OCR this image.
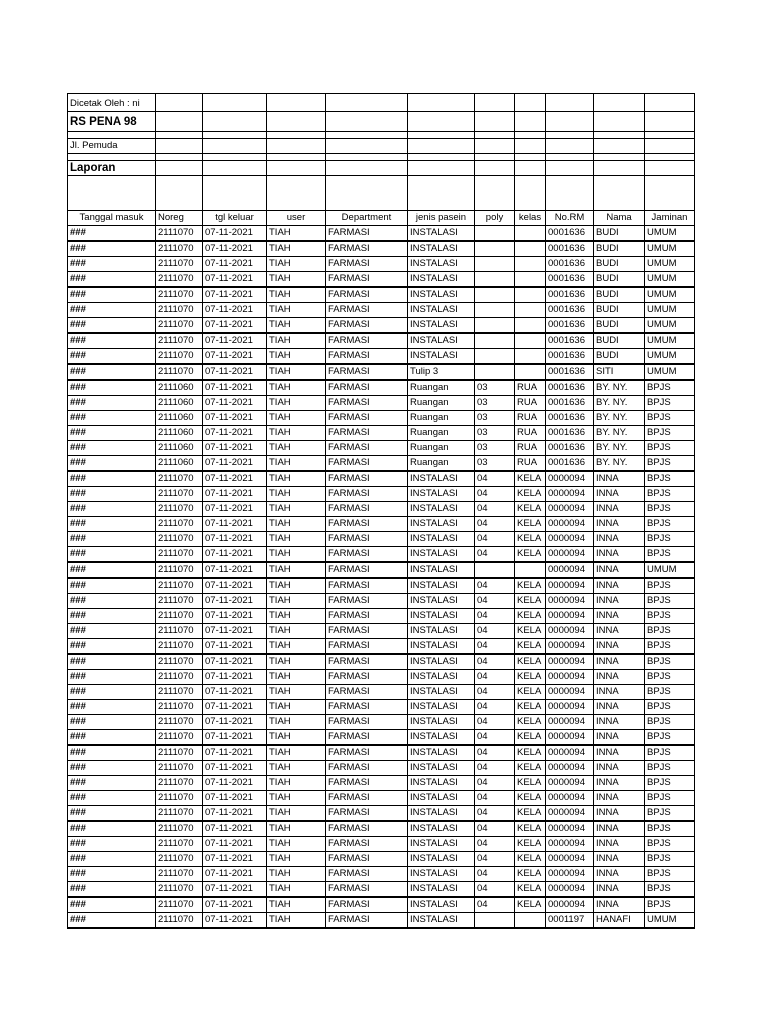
Dicetak Oleh : ni										
RS PENA 98										

Jl. Pemuda										

Laporan										

Tanggal masuk	Noreg	tgl keluar	user	Department	jenis pasein	poly	kelas	No.RM	Nama	Jaminan
###	2111070	07-11-2021	TIAH	FARMASI	INSTALASI			0001636	BUDI	UMUM
###	2111070	07-11-2021	TIAH	FARMASI	INSTALASI			0001636	BUDI	UMUM
###	2111070	07-11-2021	TIAH	FARMASI	INSTALASI			0001636	BUDI	UMUM
###	2111070	07-11-2021	TIAH	FARMASI	INSTALASI			0001636	BUDI	UMUM
###	2111070	07-11-2021	TIAH	FARMASI	INSTALASI			0001636	BUDI	UMUM
###	2111070	07-11-2021	TIAH	FARMASI	INSTALASI			0001636	BUDI	UMUM
###	2111070	07-11-2021	TIAH	FARMASI	INSTALASI			0001636	BUDI	UMUM
###	2111070	07-11-2021	TIAH	FARMASI	INSTALASI			0001636	BUDI	UMUM
###	2111070	07-11-2021	TIAH	FARMASI	INSTALASI			0001636	BUDI	UMUM
###	2111070	07-11-2021	TIAH	FARMASI	Tulip 3			0001636	SITI	UMUM
###	2111060	07-11-2021	TIAH	FARMASI	Ruangan	03	RUA	0001636	BY. NY.	BPJS
###	2111060	07-11-2021	TIAH	FARMASI	Ruangan	03	RUA	0001636	BY. NY.	BPJS
###	2111060	07-11-2021	TIAH	FARMASI	Ruangan	03	RUA	0001636	BY. NY.	BPJS
###	2111060	07-11-2021	TIAH	FARMASI	Ruangan	03	RUA	0001636	BY. NY.	BPJS
###	2111060	07-11-2021	TIAH	FARMASI	Ruangan	03	RUA	0001636	BY. NY.	BPJS
###	2111060	07-11-2021	TIAH	FARMASI	Ruangan	03	RUA	0001636	BY. NY.	BPJS
###	2111070	07-11-2021	TIAH	FARMASI	INSTALASI	04	KELA	0000094	INNA	BPJS
###	2111070	07-11-2021	TIAH	FARMASI	INSTALASI	04	KELA	0000094	INNA	BPJS
###	2111070	07-11-2021	TIAH	FARMASI	INSTALASI	04	KELA	0000094	INNA	BPJS
###	2111070	07-11-2021	TIAH	FARMASI	INSTALASI	04	KELA	0000094	INNA	BPJS
###	2111070	07-11-2021	TIAH	FARMASI	INSTALASI	04	KELA	0000094	INNA	BPJS
###	2111070	07-11-2021	TIAH	FARMASI	INSTALASI	04	KELA	0000094	INNA	BPJS
###	2111070	07-11-2021	TIAH	FARMASI	INSTALASI			0000094	INNA	UMUM
###	2111070	07-11-2021	TIAH	FARMASI	INSTALASI	04	KELA	0000094	INNA	BPJS
###	2111070	07-11-2021	TIAH	FARMASI	INSTALASI	04	KELA	0000094	INNA	BPJS
###	2111070	07-11-2021	TIAH	FARMASI	INSTALASI	04	KELA	0000094	INNA	BPJS
###	2111070	07-11-2021	TIAH	FARMASI	INSTALASI	04	KELA	0000094	INNA	BPJS
###	2111070	07-11-2021	TIAH	FARMASI	INSTALASI	04	KELA	0000094	INNA	BPJS
###	2111070	07-11-2021	TIAH	FARMASI	INSTALASI	04	KELA	0000094	INNA	BPJS
###	2111070	07-11-2021	TIAH	FARMASI	INSTALASI	04	KELA	0000094	INNA	BPJS
###	2111070	07-11-2021	TIAH	FARMASI	INSTALASI	04	KELA	0000094	INNA	BPJS
###	2111070	07-11-2021	TIAH	FARMASI	INSTALASI	04	KELA	0000094	INNA	BPJS
###	2111070	07-11-2021	TIAH	FARMASI	INSTALASI	04	KELA	0000094	INNA	BPJS
###	2111070	07-11-2021	TIAH	FARMASI	INSTALASI	04	KELA	0000094	INNA	BPJS
###	2111070	07-11-2021	TIAH	FARMASI	INSTALASI	04	KELA	0000094	INNA	BPJS
###	2111070	07-11-2021	TIAH	FARMASI	INSTALASI	04	KELA	0000094	INNA	BPJS
###	2111070	07-11-2021	TIAH	FARMASI	INSTALASI	04	KELA	0000094	INNA	BPJS
###	2111070	07-11-2021	TIAH	FARMASI	INSTALASI	04	KELA	0000094	INNA	BPJS
###	2111070	07-11-2021	TIAH	FARMASI	INSTALASI	04	KELA	0000094	INNA	BPJS
###	2111070	07-11-2021	TIAH	FARMASI	INSTALASI	04	KELA	0000094	INNA	BPJS
###	2111070	07-11-2021	TIAH	FARMASI	INSTALASI	04	KELA	0000094	INNA	BPJS
###	2111070	07-11-2021	TIAH	FARMASI	INSTALASI	04	KELA	0000094	INNA	BPJS
###	2111070	07-11-2021	TIAH	FARMASI	INSTALASI	04	KELA	0000094	INNA	BPJS
###	2111070	07-11-2021	TIAH	FARMASI	INSTALASI	04	KELA	0000094	INNA	BPJS
###	2111070	07-11-2021	TIAH	FARMASI	INSTALASI	04	KELA	0000094	INNA	BPJS
###	2111070	07-11-2021	TIAH	FARMASI	INSTALASI			0001197	HANAFI	UMUM
